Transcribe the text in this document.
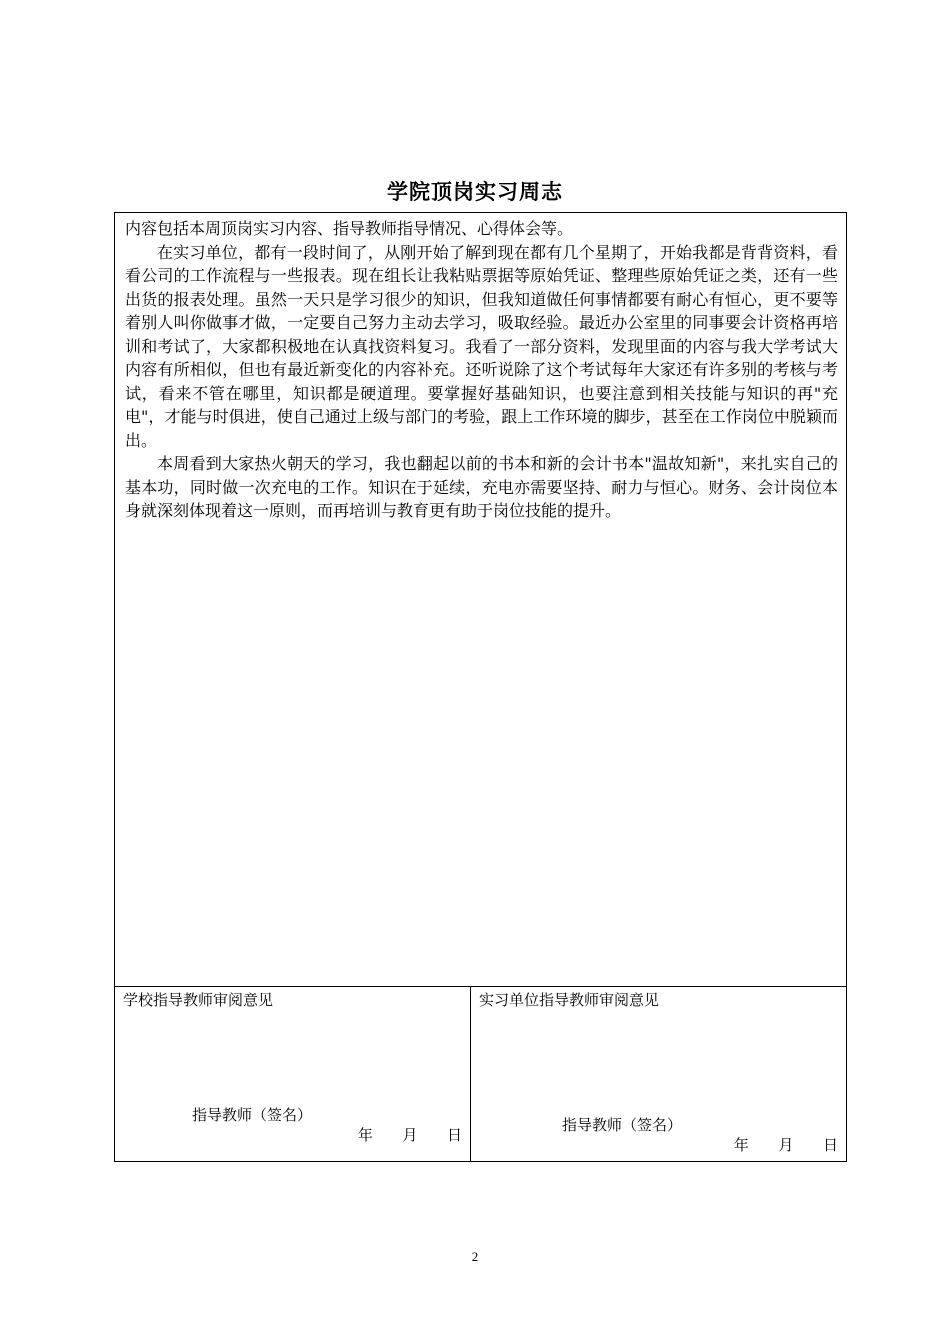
学院顶岗实习周志

内容包括本周顶岗实习内容、指导教师指导情况、心得体会等。

在实习单位，都有一段时间了，从刚开始了解到现在都有几个星期了，开始我都是背背资料，看看公司的工作流程与一些报表。现在组长让我粘贴票据等原始凭证、整理些原始凭证之类，还有一些出货的报表处理。虽然一天只是学习很少的知识，但我知道做任何事情都要有耐心有恒心，更不要等着别人叫你做事才做，一定要自己努力主动去学习，吸取经验。最近办公室里的同事要会计资格再培训和考试了，大家都积极地在认真找资料复习。我看了一部分资料，发现里面的内容与我大学考试大内容有所相似，但也有最近新变化的内容补充。还听说除了这个考试每年大家还有许多别的考核与考试，看来不管在哪里，知识都是硬道理。要掌握好基础知识，也要注意到相关技能与知识的再"充电"，才能与时俱进，使自己通过上级与部门的考验，跟上工作环境的脚步，甚至在工作岗位中脱颖而出。

本周看到大家热火朝天的学习，我也翻起以前的书本和新的会计书本"温故知新"，来扎实自己的基本功，同时做一次充电的工作。知识在于延续，充电亦需要坚持、耐力与恒心。财务、会计岗位本身就深刻体现着这一原则，而再培训与教育更有助于岗位技能的提升。

学校指导教师审阅意见
指导教师（签名）
年  月  日
实习单位指导教师审阅意见
指导教师（签名）
年  月  日
2
